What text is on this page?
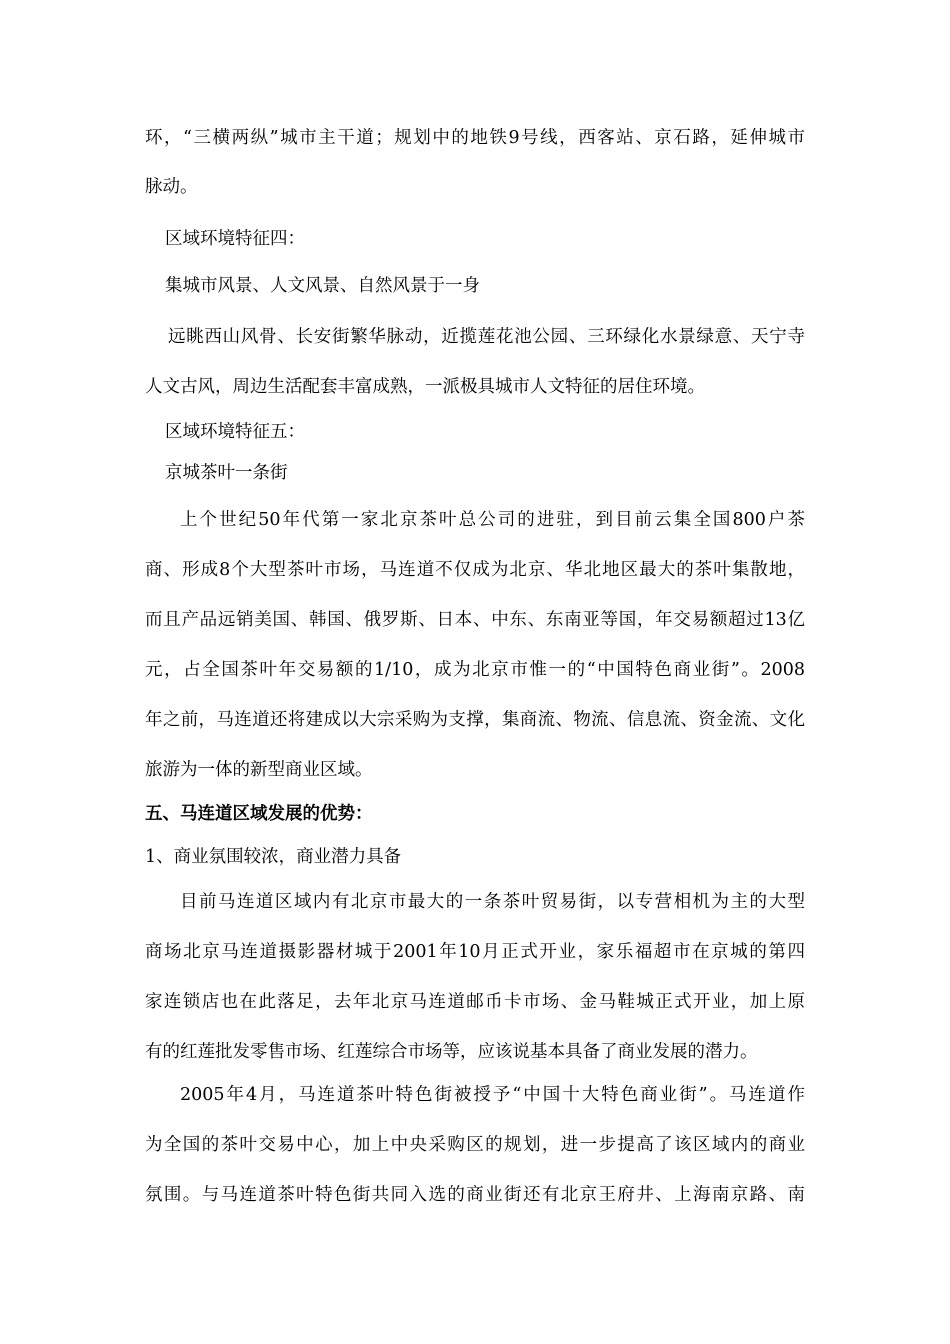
环，“三横两纵”城市主干道；规划中的地铁9号线，西客站、京石路，延伸城市
脉动。
区域环境特征四：
集城市风景、人文风景、自然风景于一身
远眺西山风骨、长安街繁华脉动，近揽莲花池公园、三环绿化水景绿意、天宁寺
人文古风，周边生活配套丰富成熟，一派极具城市人文特征的居住环境。
区域环境特征五：
京城茶叶一条街
上个世纪50年代第一家北京茶叶总公司的进驻，到目前云集全国800户茶
商、形成8个大型茶叶市场，马连道不仅成为北京、华北地区最大的茶叶集散地，
而且产品远销美国、韩国、俄罗斯、日本、中东、东南亚等国，年交易额超过13亿
元，占全国茶叶年交易额的1/10，成为北京市惟一的“中国特色商业街”。2008
年之前，马连道还将建成以大宗采购为支撑，集商流、物流、信息流、资金流、文化
旅游为一体的新型商业区域。
五、马连道区域发展的优势：
1、商业氛围较浓，商业潜力具备
目前马连道区域内有北京市最大的一条茶叶贸易街，以专营相机为主的大型
商场北京马连道摄影器材城于2001年10月正式开业，家乐福超市在京城的第四
家连锁店也在此落足，去年北京马连道邮币卡市场、金马鞋城正式开业，加上原
有的红莲批发零售市场、红莲综合市场等，应该说基本具备了商业发展的潜力。
2005年4月，马连道茶叶特色街被授予“中国十大特色商业街”。马连道作
为全国的茶叶交易中心，加上中央采购区的规划，进一步提高了该区域内的商业
氛围。与马连道茶叶特色街共同入选的商业街还有北京王府井、上海南京路、南
